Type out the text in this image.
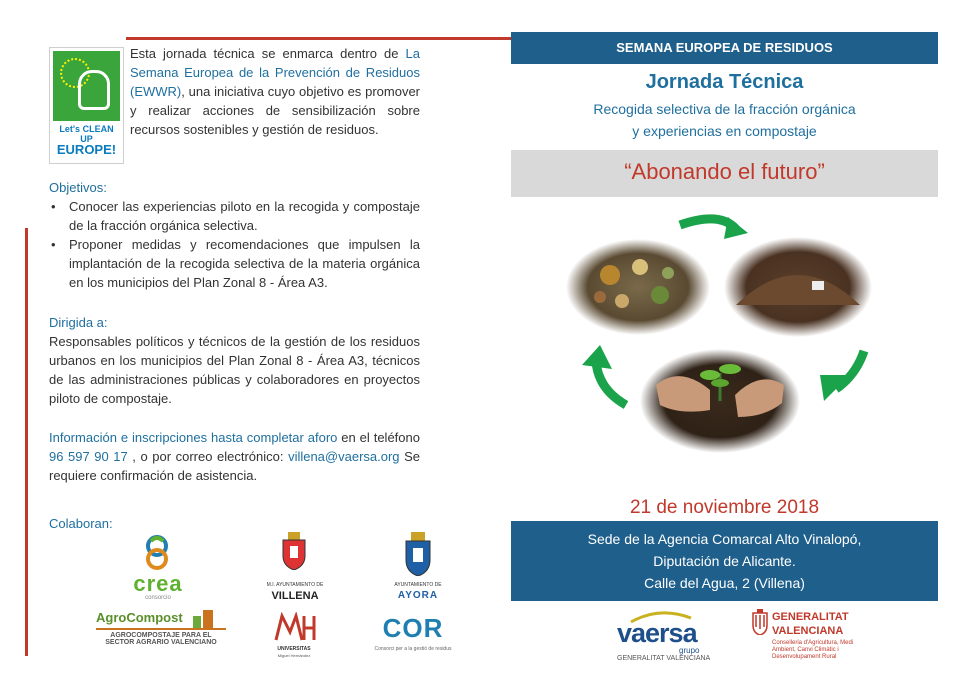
Let's CLEAN UP
EUROPE!
Esta jornada técnica se enmarca dentro de La Semana Europea de la Prevención de Residuos (EWWR), una iniciativa cuyo objetivo es promover y realizar acciones de sensibilización sobre recursos sostenibles y gestión de residuos.
Objetivos:
• Conocer las experiencias piloto en la recogida y compostaje de la fracción orgánica selectiva.
• Proponer medidas y recomendaciones que impulsen la implantación de la recogida selectiva de la materia orgánica en los municipios del Plan Zonal 8 - Área A3.
Dirigida a:
Responsables políticos y técnicos de la gestión de los residuos urbanos en los municipios del Plan Zonal 8 - Área A3, técnicos de las administraciones públicas y colaboradores en proyectos piloto de compostaje.
Información e inscripciones hasta completar aforo en el teléfono 96 597 90 17 , o por correo electrónico: villena@vaersa.org Se requiere confirmación de asistencia.
Colaboran:
crea
consorcio
M.I. AYUNTAMIENTO DE
VILLENA
AYUNTAMIENTO DE
AYORA
AgroCompost
AGROCOMPOSTAJE PARA EL SECTOR AGRARIO VALENCIANO
UNIVERSITAS
Miguel Hernández
COR
Consorci per a la gestió de residus
SEMANA EUROPEA DE RESIDUOS
Jornada Técnica
Recogida selectiva de la fracción orgánica
y experiencias en compostaje
“Abonando el futuro”
21 de noviembre 2018
Sede de la Agencia Comarcal Alto Vinalopó,
Diputación de Alicante.
Calle del Agua, 2 (Villena)
vaersa
grupo
GENERALITAT VALENCIANA
GENERALITAT
VALENCIANA
Conselleria d'Agricultura, Medi Ambient, Canvi Climàtic i Desenvolupament Rural
